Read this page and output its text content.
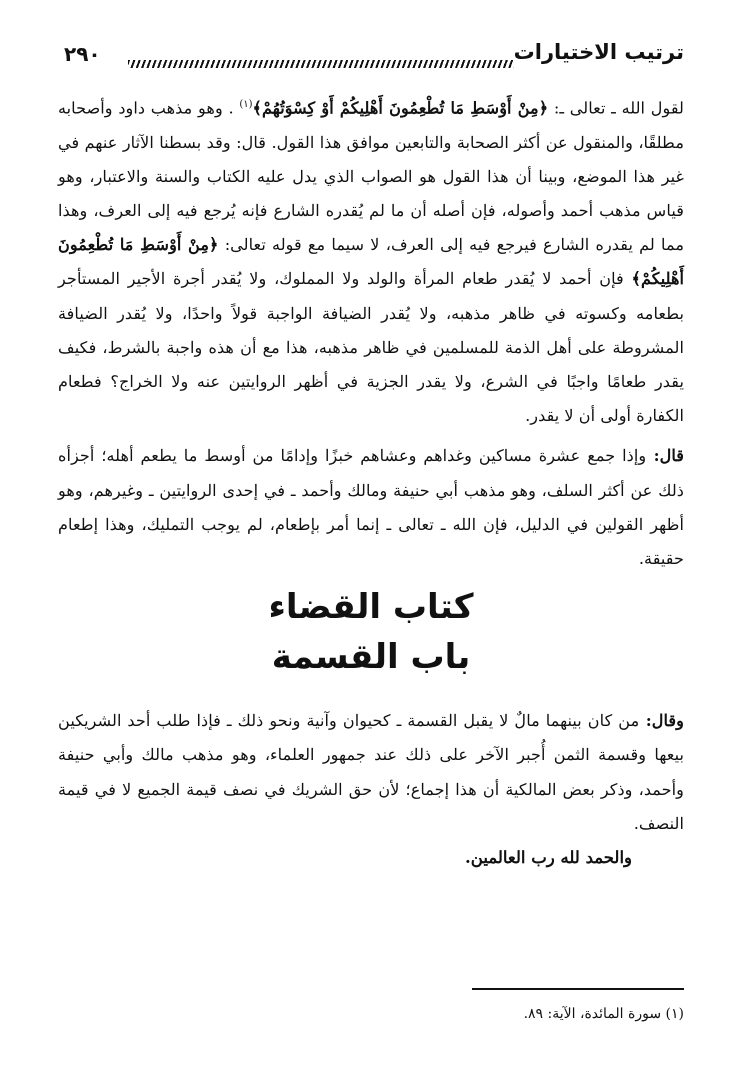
ترتيب الاختيارات
٢٩٠

لقول الله ـ تعالى ـ: ﴿مِنْ أَوْسَطِ مَا تُطْعِمُونَ أَهْلِيكُمْ أَوْ كِسْوَتُهُمْ﴾$^{(١)}$ . وهو مذهب داود وأصحابه مطلقًا، والمنقول عن أكثر الصحابة والتابعين موافق هذا القول. قال: وقد بسطنا الآثار عنهم في غير هذا الموضع، وبينا أن هذا القول هو الصواب الذي يدل عليه الكتاب والسنة والاعتبار، وهو قياس مذهب أحمد وأصوله، فإن أصله أن ما لم يُقدره الشارع فإنه يُرجع فيه إلى العرف، وهذا مما لم يقدره الشارع فيرجع فيه إلى العرف، لا سيما مع قوله تعالى: ﴿مِنْ أَوْسَطِ مَا تُطْعِمُونَ أَهْلِيكُمْ﴾ فإن أحمد لا يُقدر طعام المرأة والولد ولا المملوك، ولا يُقدر أجرة الأجير المستأجر بطعامه وكسوته في ظاهر مذهبه، ولا يُقدر الضيافة الواجبة قولاً واحدًا، ولا يُقدر الضيافة المشروطة على أهل الذمة للمسلمين في ظاهر مذهبه، هذا مع أن هذه واجبة بالشرط، فكيف يقدر طعامًا واجبًا في الشرع، ولا يقدر الجزية في أظهر الروايتين عنه ولا الخراج؟ فطعام الكفارة أولى أن لا يقدر.

قال: وإذا جمع عشرة مساكين وغداهم وعشاهم خبزًا وإدامًا من أوسط ما يطعم أهله؛ أجزأه ذلك عن أكثر السلف، وهو مذهب أبي حنيفة ومالك وأحمد ـ في إحدى الروايتين ـ وغيرهم، وهو أظهر القولين في الدليل، فإن الله ـ تعالى ـ إنما أمر بإطعام، لم يوجب التمليك، وهذا إطعام حقيقة.

كتاب القضاء
باب القسمة

وقال: من كان بينهما مالٌ لا يقبل القسمة ـ كحيوان وآنية ونحو ذلك ـ فإذا طلب أحد الشريكين بيعها وقسمة الثمن أُجبر الآخر على ذلك عند جمهور العلماء، وهو مذهب مالك وأبي حنيفة وأحمد، وذكر بعض المالكية أن هذا إجماع؛ لأن حق الشريك في نصف قيمة الجميع لا في قيمة النصف.

والحمد لله رب العالمين.

(١) سورة المائدة، الآية: ٨٩.
